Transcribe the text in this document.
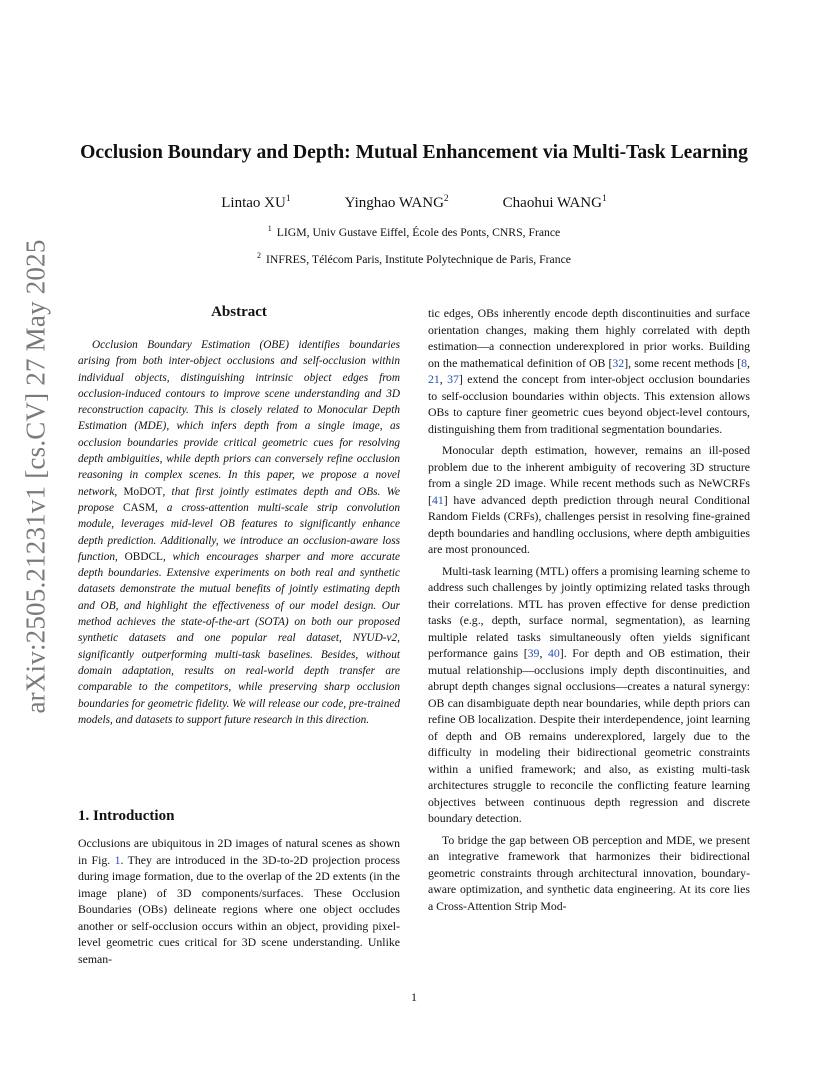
arXiv:2505.21231v1 [cs.CV] 27 May 2025
Occlusion Boundary and Depth: Mutual Enhancement via Multi-Task Learning
Lintao $XU^1$	Yinghao WANG$^2$	Chaohui WANG$^1$
$^1$ LIGM, Univ Gustave Eiffel, École des Ponts, CNRS, France
$^2$ INFRES, Télécom Paris, Institute Polytechnique de Paris, France
Abstract

Occlusion Boundary Estimation (OBE) identifies boundaries arising from both inter-object occlusions and self-occlusion within individual objects, distinguishing intrinsic object edges from occlusion-induced contours to improve scene understanding and 3D reconstruction capacity. This is closely related to Monocular Depth Estimation (MDE), which infers depth from a single image, as occlusion boundaries provide critical geometric cues for resolving depth ambiguities, while depth priors can conversely refine occlusion reasoning in complex scenes. In this paper, we propose a novel network, MoDOT, that first jointly estimates depth and OBs. We propose CASM, a cross-attention multi-scale strip convolution module, leverages mid-level OB features to significantly enhance depth prediction. Additionally, we introduce an occlusion-aware loss function, OBDCL, which encourages sharper and more accurate depth boundaries. Extensive experiments on both real and synthetic datasets demonstrate the mutual benefits of jointly estimating depth and OB, and highlight the effectiveness of our model design. Our method achieves the state-of-the-art (SOTA) on both our proposed synthetic datasets and one popular real dataset, NYUD-v2, significantly outperforming multi-task baselines. Besides, without domain adaptation, results on real-world depth transfer are comparable to the competitors, while preserving sharp occlusion boundaries for geometric fidelity. We will release our code, pre-trained models, and datasets to support future research in this direction.

1. Introduction

Occlusions are ubiquitous in 2D images of natural scenes as shown in Fig. 1. They are introduced in the 3D-to-2D projection process during image formation, due to the overlap of the 2D extents (in the image plane) of 3D components/surfaces. These Occlusion Boundaries (OBs) delineate regions where one object occludes another or self-occlusion occurs within an object, providing pixel-level geometric cues critical for 3D scene understanding. Unlike seman-

tic edges, OBs inherently encode depth discontinuities and surface orientation changes, making them highly correlated with depth estimation—a connection underexplored in prior works. Building on the mathematical definition of OB [32], some recent methods [8, 21, 37] extend the concept from inter-object occlusion boundaries to self-occlusion boundaries within objects. This extension allows OBs to capture finer geometric cues beyond object-level contours, distinguishing them from traditional segmentation boundaries.

Monocular depth estimation, however, remains an ill-posed problem due to the inherent ambiguity of recovering 3D structure from a single 2D image. While recent methods such as NeWCRFs [41] have advanced depth prediction through neural Conditional Random Fields (CRFs), challenges persist in resolving fine-grained depth boundaries and handling occlusions, where depth ambiguities are most pronounced.

Multi-task learning (MTL) offers a promising learning scheme to address such challenges by jointly optimizing related tasks through their correlations. MTL has proven effective for dense prediction tasks (e.g., depth, surface normal, segmentation), as learning multiple related tasks simultaneously often yields significant performance gains [39, 40]. For depth and OB estimation, their mutual relationship—occlusions imply depth discontinuities, and abrupt depth changes signal occlusions—creates a natural synergy: OB can disambiguate depth near boundaries, while depth priors can refine OB localization. Despite their interdependence, joint learning of depth and OB remains underexplored, largely due to the difficulty in modeling their bidirectional geometric constraints within a unified framework; and also, as existing multi-task architectures struggle to reconcile the conflicting feature learning objectives between continuous depth regression and discrete boundary detection.

To bridge the gap between OB perception and MDE, we present an integrative framework that harmonizes their bidirectional geometric constraints through architectural innovation, boundary-aware optimization, and synthetic data engineering. At its core lies a Cross-Attention Strip Mod-

1
